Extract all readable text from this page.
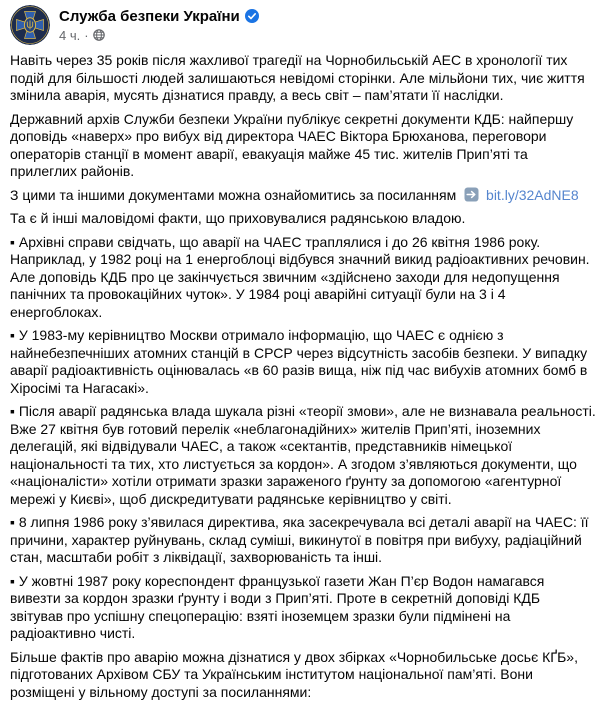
Служба безпеки України
4 ч. ·

Навіть через 35 років після жахливої трагедії на Чорнобильській АЕС в хронології тих подій для більшості людей залишаються невідомі сторінки. Але мільйони тих, чиє життя змінила аварія, мусять дізнатися правду, а весь світ – пам’ятати її наслідки.

Державний архів Служби безпеки України публікує секретні документи КДБ: найпершу доповідь «наверх» про вибух від директора ЧАЕС Віктора Брюханова, переговори операторів станції в момент аварії, евакуація майже 45 тис. жителів Прип’яті та прилеглих районів.

З цими та іншими документами можна ознайомитись за посиланням bit.ly/32AdNE8

Та є й інші маловідомі факти, що приховувалися радянською владою.

▪ Архівні справи свідчать, що аварії на ЧАЕС траплялися і до 26 квітня 1986 року. Наприклад, у 1982 році на 1 енергоблоці відбувся значний викид радіоактивних речовин. Але доповідь КДБ про це закінчується звичним «здійснено заходи для недопущення панічних та провокаційних чуток». У 1984 році аварійні ситуації були на 3 і 4 енергоблоках.

▪ У 1983-му керівництво Москви отримало інформацію, що ЧАЕС є однією з найнебезпечніших атомних станцій в СРСР через відсутність засобів безпеки. У випадку аварії радіоактивність оцінювалась «в 60 разів вища, ніж під час вибухів атомних бомб в Хіросімі та Нагасакі».

▪ Після аварії радянська влада шукала різні «теорії змови», але не визнавала реальності. Вже 27 квітня був готовий перелік «неблагонадійних» жителів Прип’яті, іноземних делегацій, які відвідували ЧАЕС, а також «сектантів, представників німецької національності та тих, хто листується за кордон». А згодом з’являються документи, що «націоналісти» хотіли отримати зразки зараженого ґрунту за допомогою «агентурної мережі у Києві», щоб дискредитувати радянське керівництво у світі.

▪ 8 липня 1986 року з’явилася директива, яка засекречувала всі деталі аварії на ЧАЕС: її причини, характер руйнувань, склад суміші, викинутої в повітря при вибуху, радіаційний стан, масштаби робіт з ліквідації, захворюваність та інші.

▪ У жовтні 1987 року кореспондент французької газети Жан П’єр Водон намагався вивезти за кордон зразки ґрунту і води з Прип’яті. Проте в секретній доповіді КДБ звітував про успішну спецоперацію: взяті іноземцем зразки були підмінені на радіоактивно чисті.

Більше фактів про аварію можна дізнатися у двох збірках «Чорнобильське досьє КҐБ», підготованих Архівом СБУ та Українським інститутом національної пам’яті. Вони розміщені у вільному доступі за посиланнями:
